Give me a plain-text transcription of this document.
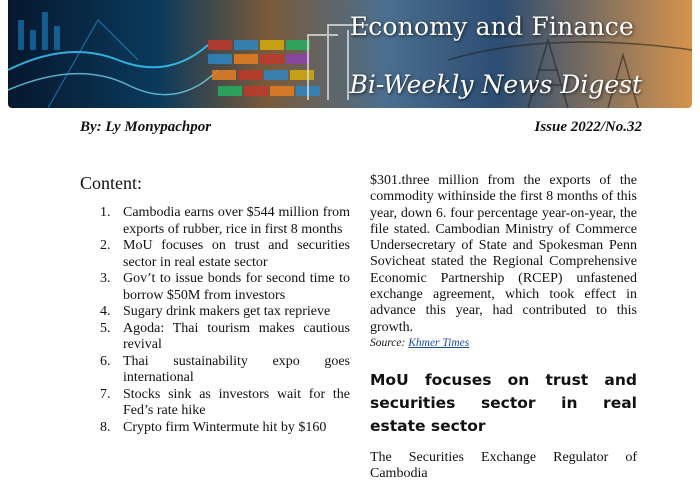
Economy and Finance
Bi-Weekly News Digest
By: Ly Monypachpor	Issue 2022/No.32
Content:
1. Cambodia earns over $544 million from exports of rubber, rice in first 8 months
2. MoU focuses on trust and securities sector in real estate sector
3. Gov’t to issue bonds for second time to borrow $50M from investors
4. Sugary drink makers get tax reprieve
5. Agoda: Thai tourism makes cautious revival
6. Thai sustainability expo goes international
7. Stocks sink as investors wait for the Fed’s rate hike
8. Crypto firm Wintermute hit by $160

$301.three million from the exports of the commodity withinside the first 8 months of this year, down 6. four percentage year-on-year, the file stated. Cambodian Ministry of Commerce Undersecretary of State and Spokesman Penn Sovicheat stated the Regional Comprehensive Economic Partnership (RCEP) unfastened exchange agreement, which took effect in advance this year, had contributed to this growth.

Source: Khmer Times

MoU focuses on trust and securities sector in real estate sector

The Securities Exchange Regulator of Cambodia
